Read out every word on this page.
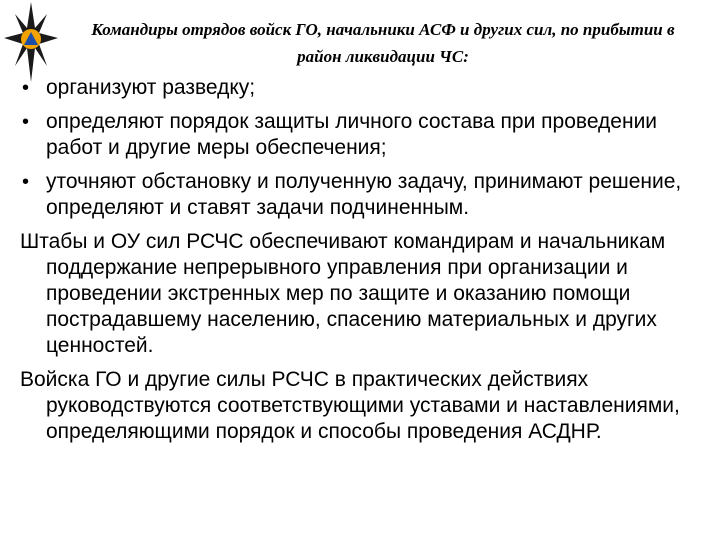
Командиры отрядов войск ГО, начальники АСФ и других сил, по прибытии в район ликвидации ЧС:
• организуют разведку;
• определяют порядок защиты личного состава при проведении работ и другие меры обеспечения;
• уточняют обстановку и полученную задачу, принимают решение, определяют и ставят задачи подчиненным.

Штабы и ОУ сил РСЧС обеспечивают командирам и начальникам поддержание непрерывного управления при организации и проведении экстренных мер по защите и оказанию помощи пострадавшему населению, спасению материальных и других ценностей.

Войска ГО и другие силы РСЧС в практических действиях руководствуются соответствующими уставами и наставлениями, определяющими порядок и способы проведения АСДНР.
